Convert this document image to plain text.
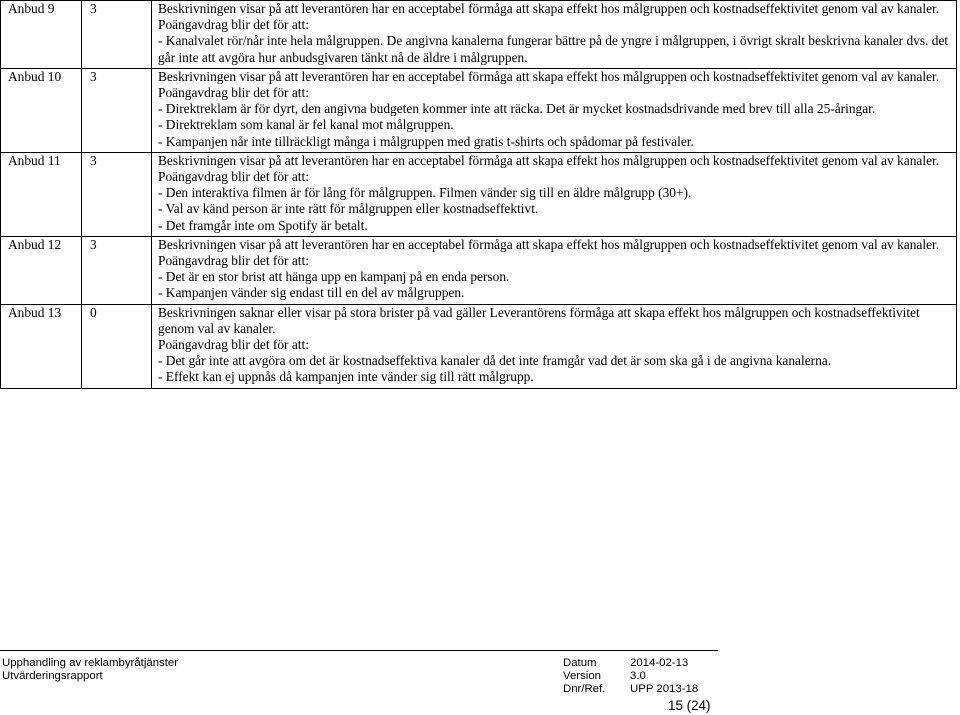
Anbud 9	3	Beskrivningen visar på att leverantören har en acceptabel förmåga att skapa effekt hos målgruppen och kostnadseffektivitet genom val av kanaler.
Poängavdrag blir det för att:
- Kanalvalet rör/når inte hela målgruppen. De angivna kanalerna fungerar bättre på de yngre i målgruppen, i övrigt skralt beskrivna kanaler dvs. det går inte att avgöra hur anbudsgivaren tänkt nå de äldre i målgruppen.

Anbud 10	3	Beskrivningen visar på att leverantören har en acceptabel förmåga att skapa effekt hos målgruppen och kostnadseffektivitet genom val av kanaler.
Poängavdrag blir det för att:
- Direktreklam är för dyrt, den angivna budgeten kommer inte att räcka. Det är mycket kostnadsdrivande med brev till alla 25-åringar.
- Direktreklam som kanal är fel kanal mot målgruppen.
- Kampanjen når inte tillräckligt många i målgruppen med gratis t-shirts och spådomar på festivaler.

Anbud 11	3	Beskrivningen visar på att leverantören har en acceptabel förmåga att skapa effekt hos målgruppen och kostnadseffektivitet genom val av kanaler.
Poängavdrag blir det för att:
- Den interaktiva filmen är för lång för målgruppen. Filmen vänder sig till en äldre målgrupp (30+).
- Val av känd person är inte rätt för målgruppen eller kostnadseffektivt.
- Det framgår inte om Spotify är betalt.

Anbud 12	3	Beskrivningen visar på att leverantören har en acceptabel förmåga att skapa effekt hos målgruppen och kostnadseffektivitet genom val av kanaler.
Poängavdrag blir det för att:
- Det är en stor brist att hänga upp en kampanj på en enda person.
- Kampanjen vänder sig endast till en del av målgruppen.

Anbud 13	0	Beskrivningen saknar eller visar på stora brister på vad gäller Leverantörens förmåga att skapa effekt hos målgruppen och kostnadseffektivitet genom val av kanaler.
Poängavdrag blir det för att:
- Det går inte att avgöra om det är kostnadseffektiva kanaler då det inte framgår vad det är som ska gå i de angivna kanalerna.
- Effekt kan ej uppnås då kampanjen inte vänder sig till rätt målgrupp.
Upphandling av reklambyråtjänster
Utvärderingsrapport
Datum	2014-02-13
Version	3.0
Dnr/Ref. UPP 2013-18
15 (24)
